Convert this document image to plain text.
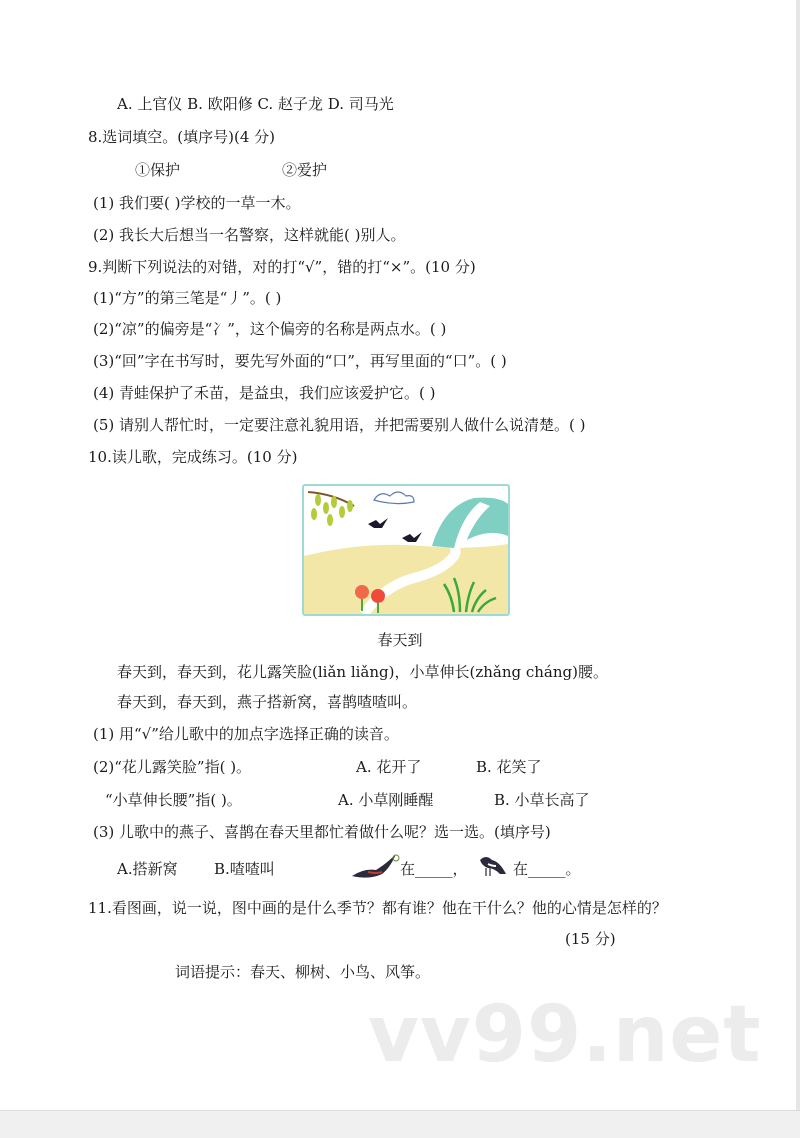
A. 上官仪 B. 欧阳修 C. 赵子龙 D. 司马光
8.选词填空。(填序号)(4 分)
①保护	②爱护
(1) 我们要( )学校的一草一木。
(2) 我长大后想当一名警察，这样就能( )别人。
9.判断下列说法的对错，对的打“√”，错的打“×”。(10 分)
(1)“方”的第三笔是“丿”。( )
(2)“凉”的偏旁是“冫”，这个偏旁的名称是两点水。( )
(3)“回”字在书写时，要先写外面的“口”，再写里面的“口”。( )
(4) 青蛙保护了禾苗，是益虫，我们应该爱护它。( )
(5) 请别人帮忙时，一定要注意礼貌用语，并把需要别人做什么说清楚。( )
10.读儿歌，完成练习。(10 分)
春天到
春天到，春天到，花儿露笑脸(liǎn liǎng)，小草伸长(zhǎng cháng)腰。
春天到，春天到，燕子搭新窝，喜鹊喳喳叫。
(1) 用“√”给儿歌中的加点字选择正确的读音。
(2)“花儿露笑脸”指( )。	A. 花开了	B. 花笑了
“小草伸长腰”指( )。	A. 小草刚睡醒	B. 小草长高了
(3) 儿歌中的燕子、喜鹊在春天里都忙着做什么呢？选一选。(填序号)
A.搭新窝 B.喳喳叫	在_____，	在_____。
11.看图画，说一说，图中画的是什么季节？都有谁？他在干什么？他的心情是怎样的？
(15 分)
词语提示：春天、柳树、小鸟、风筝。
vv99.net
